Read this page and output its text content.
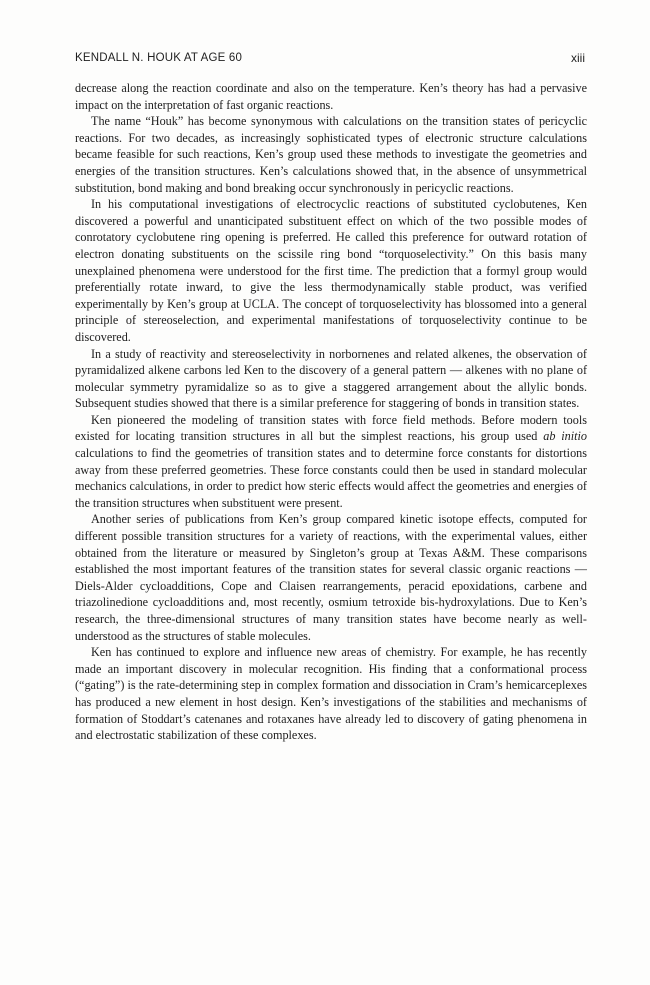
KENDALL N. HOUK AT AGE 60	xiii

decrease along the reaction coordinate and also on the temperature. Ken’s theory has had a pervasive impact on the interpretation of fast organic reactions.

The name “Houk” has become synonymous with calculations on the transition states of pericyclic reactions. For two decades, as increasingly sophisticated types of electronic structure calculations became feasible for such reactions, Ken’s group used these methods to investigate the geometries and energies of the transition structures. Ken’s calculations showed that, in the absence of unsymmetrical substitution, bond making and bond breaking occur synchronously in pericyclic reactions.

In his computational investigations of electrocyclic reactions of substituted cyclobutenes, Ken discovered a powerful and unanticipated substituent effect on which of the two possible modes of conrotatory cyclobutene ring opening is preferred. He called this preference for outward rotation of electron donating substituents on the scissile ring bond “torquoselectivity.” On this basis many unexplained phenomena were understood for the first time. The prediction that a formyl group would preferentially rotate inward, to give the less thermodynamically stable product, was verified experimentally by Ken’s group at UCLA. The concept of torquoselectivity has blossomed into a general principle of stereoselection, and experimental manifestations of torquoselectivity continue to be discovered.

In a study of reactivity and stereoselectivity in norbornenes and related alkenes, the observation of pyramidalized alkene carbons led Ken to the discovery of a general pattern — alkenes with no plane of molecular symmetry pyramidalize so as to give a staggered arrangement about the allylic bonds. Subsequent studies showed that there is a similar preference for staggering of bonds in transition states.

Ken pioneered the modeling of transition states with force field methods. Before modern tools existed for locating transition structures in all but the simplest reactions, his group used ab initio calculations to find the geometries of transition states and to determine force constants for distortions away from these preferred geometries. These force constants could then be used in standard molecular mechanics calculations, in order to predict how steric effects would affect the geometries and energies of the transition structures when substituent were present.

Another series of publications from Ken’s group compared kinetic isotope effects, computed for different possible transition structures for a variety of reactions, with the experimental values, either obtained from the literature or measured by Singleton’s group at Texas A&M. These comparisons established the most important features of the transition states for several classic organic reactions — Diels-Alder cycloadditions, Cope and Claisen rearrangements, peracid epoxidations, carbene and triazolinedione cycloadditions and, most recently, osmium tetroxide bis-hydroxylations. Due to Ken’s research, the three-dimensional structures of many transition states have become nearly as well-understood as the structures of stable molecules.

Ken has continued to explore and influence new areas of chemistry. For example, he has recently made an important discovery in molecular recognition. His finding that a conformational process (“gating”) is the rate-determining step in complex formation and dissociation in Cram’s hemicarceplexes has produced a new element in host design. Ken’s investigations of the stabilities and mechanisms of formation of Stoddart’s catenanes and rotaxanes have already led to discovery of gating phenomena in and electrostatic stabilization of these complexes.
